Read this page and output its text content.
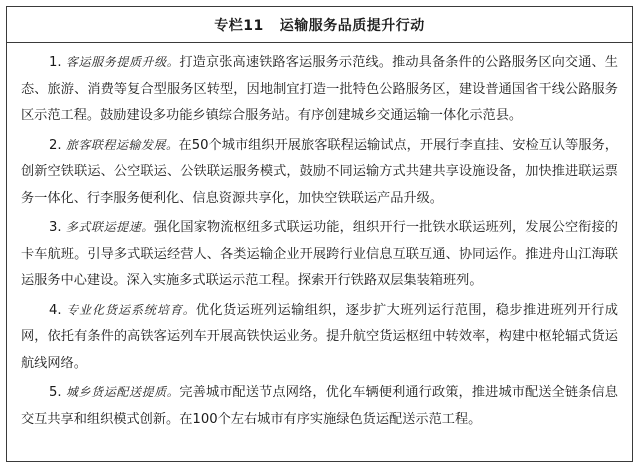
专栏11 运输服务品质提升行动

1. 客运服务提质升级。打造京张高速铁路客运服务示范线。推动具备条件的公路服务区向交通、生态、旅游、消费等复合型服务区转型，因地制宜打造一批特色公路服务区，建设普通国省干线公路服务区示范工程。鼓励建设多功能乡镇综合服务站。有序创建城乡交通运输一体化示范县。

2. 旅客联程运输发展。在50个城市组织开展旅客联程运输试点，开展行李直挂、安检互认等服务，创新空铁联运、公空联运、公铁联运服务模式，鼓励不同运输方式共建共享设施设备，加快推进联运票务一体化、行李服务便利化、信息资源共享化，加快空铁联运产品升级。

3. 多式联运提速。强化国家物流枢纽多式联运功能，组织开行一批铁水联运班列，发展公空衔接的卡车航班。引导多式联运经营人、各类运输企业开展跨行业信息互联互通、协同运作。推进舟山江海联运服务中心建设。深入实施多式联运示范工程。探索开行铁路双层集装箱班列。

4. 专业化货运系统培育。优化货运班列运输组织，逐步扩大班列运行范围，稳步推进班列开行成网，依托有条件的高铁客运列车开展高铁快运业务。提升航空货运枢纽中转效率，构建中枢轮辐式货运航线网络。

5. 城乡货运配送提质。完善城市配送节点网络，优化车辆便利通行政策，推进城市配送全链条信息交互共享和组织模式创新。在100个左右城市有序实施绿色货运配送示范工程。
